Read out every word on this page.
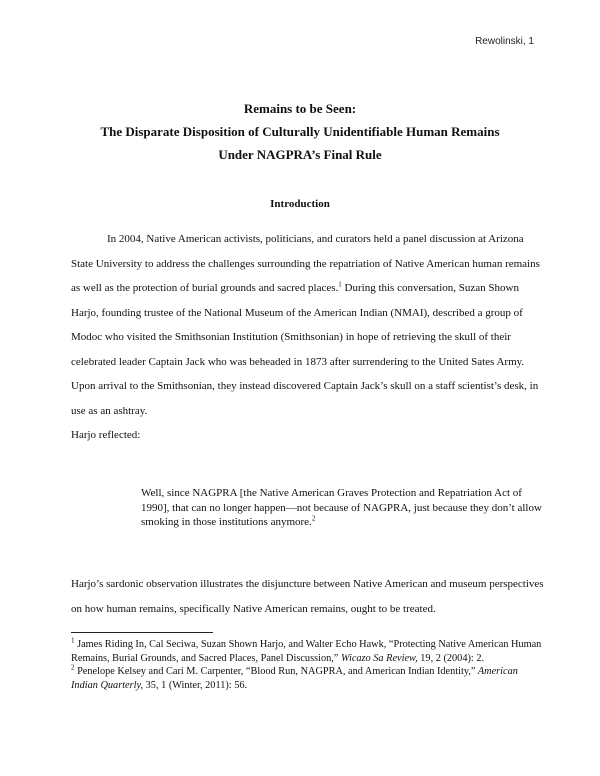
Rewolinski, 1
Remains to be Seen:
The Disparate Disposition of Culturally Unidentifiable Human Remains
Under NAGPRA’s Final Rule
Introduction

In 2004, Native American activists, politicians, and curators held a panel discussion at Arizona State University to address the challenges surrounding the repatriation of Native American human remains as well as the protection of burial grounds and sacred places.$^1$ During this conversation, Suzan Shown Harjo, founding trustee of the National Museum of the American Indian (NMAI), described a group of Modoc who visited the Smithsonian Institution (Smithsonian) in hope of retrieving the skull of their celebrated leader Captain Jack who was beheaded in 1873 after surrendering to the United Sates Army. Upon arrival to the Smithsonian, they instead discovered Captain Jack’s skull on a staff scientist’s desk, in use as an ashtray.

Harjo reflected:

Well, since NAGPRA [the Native American Graves Protection and Repatriation Act of 1990], that can no longer happen—not because of NAGPRA, just because they don’t allow smoking in those institutions anymore.$^2$

Harjo’s sardonic observation illustrates the disjuncture between Native American and museum perspectives on how human remains, specifically Native American remains, ought to be treated.

$^1$ James Riding In, Cal Seciwa, Suzan Shown Harjo, and Walter Echo Hawk, “Protecting Native American Human Remains, Burial Grounds, and Sacred Places, Panel Discussion,” Wicazo Sa Review, 19, 2 (2004): 2.

$^2$ Penelope Kelsey and Cari M. Carpenter, “Blood Run, NAGPRA, and American Indian Identity,” American Indian Quarterly, 35, 1 (Winter, 2011): 56.
